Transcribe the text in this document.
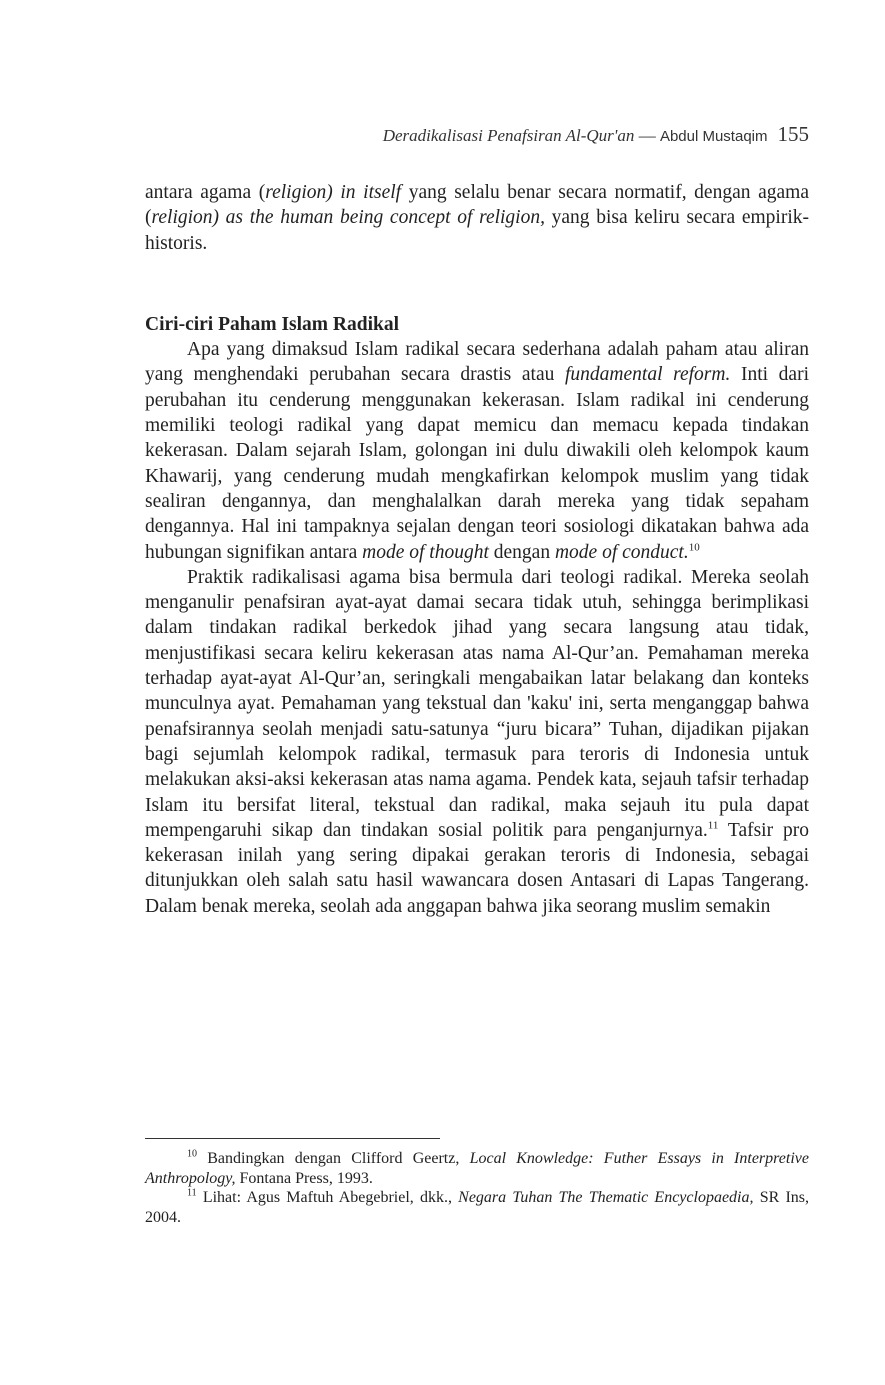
Deradikalisasi Penafsiran Al-Qur'an — Abdul Mustaqim 155

antara agama (religion) in itself yang selalu benar secara normatif, dengan agama (religion) as the human being concept of religion, yang bisa keliru secara empirik-historis.

Ciri-ciri Paham Islam Radikal

Apa yang dimaksud Islam radikal secara sederhana adalah paham atau aliran yang menghendaki perubahan secara drastis atau fundamental reform. Inti dari perubahan itu cenderung menggunakan kekerasan. Islam radikal ini cenderung memiliki teologi radikal yang dapat memicu dan memacu kepada tindakan kekerasan. Dalam sejarah Islam, golongan ini dulu diwakili oleh kelompok kaum Khawarij, yang cenderung mudah mengkafirkan kelompok muslim yang tidak sealiran dengannya, dan menghalalkan darah mereka yang tidak sepaham dengannya. Hal ini tampaknya sejalan dengan teori sosiologi dikatakan bahwa ada hubungan signifikan antara mode of thought dengan mode of conduct.$^{10}$

Praktik radikalisasi agama bisa bermula dari teologi radikal. Mereka seolah menganulir penafsiran ayat-ayat damai secara tidak utuh, sehingga berimplikasi dalam tindakan radikal berkedok jihad yang secara langsung atau tidak, menjustifikasi secara keliru kekerasan atas nama Al-Qur’an. Pemahaman mereka terhadap ayat-ayat Al-Qur’an, seringkali mengabaikan latar belakang dan konteks munculnya ayat. Pemahaman yang tekstual dan 'kaku' ini, serta menganggap bahwa penafsirannya seolah menjadi satu-satunya “juru bicara” Tuhan, dijadikan pijakan bagi sejumlah kelompok radikal, termasuk para teroris di Indonesia untuk melakukan aksi-aksi kekerasan atas nama agama. Pendek kata, sejauh tafsir terhadap Islam itu bersifat literal, tekstual dan radikal, maka sejauh itu pula dapat mempengaruhi sikap dan tindakan sosial politik para penganjurnya.$^{11}$ Tafsir pro kekerasan inilah yang sering dipakai gerakan teroris di Indonesia, sebagai ditunjukkan oleh salah satu hasil wawancara dosen Antasari di Lapas Tangerang. Dalam benak mereka, seolah ada anggapan bahwa jika seorang muslim semakin

$^{10}$ Bandingkan dengan Clifford Geertz, Local Knowledge: Futher Essays in Interpretive Anthropology, Fontana Press, 1993.

$^{11}$ Lihat: Agus Maftuh Abegebriel, dkk., Negara Tuhan The Thematic Encyclopaedia, SR Ins, 2004.
